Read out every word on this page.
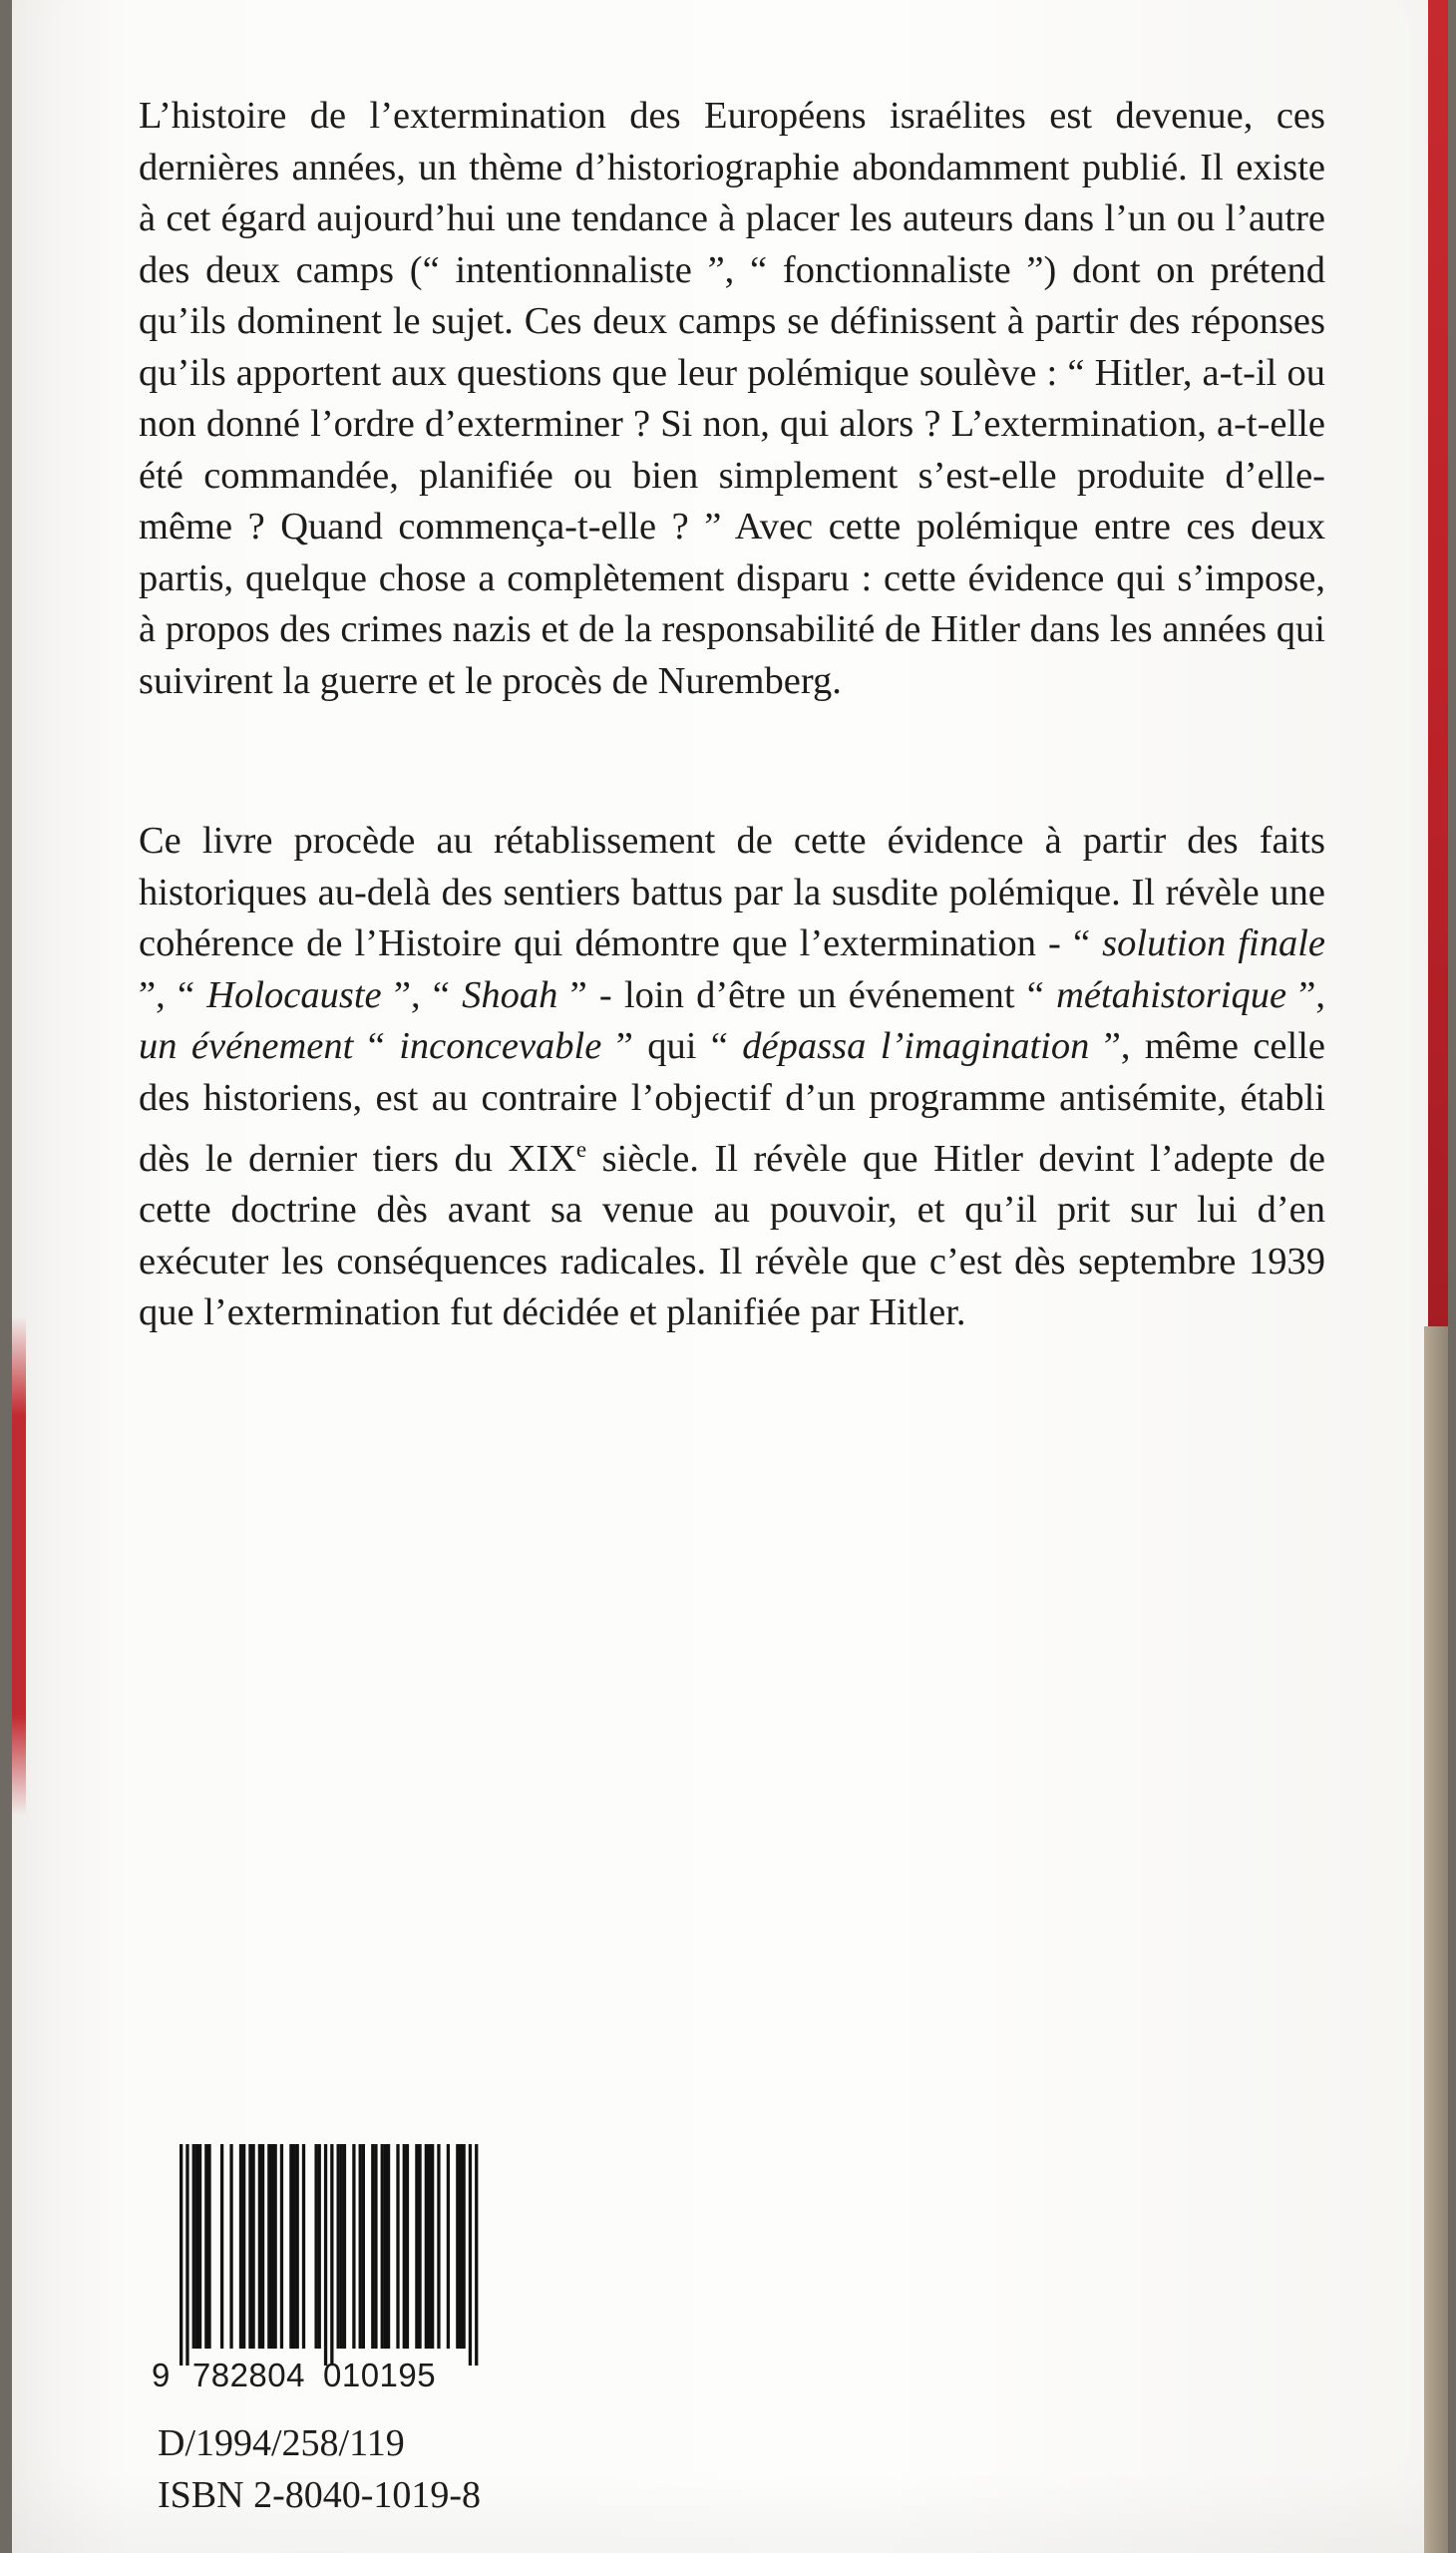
L’histoire de l’extermination des Européens israélites est devenue, ces dernières années, un thème d’historiographie abondamment publié. Il existe à cet égard aujourd’hui une tendance à placer les auteurs dans l’un ou l’autre des deux camps (“ intentionnaliste ”, “ fonctionnaliste ”) dont on prétend qu’ils dominent le sujet. Ces deux camps se définissent à partir des réponses qu’ils apportent aux questions que leur polémique soulève : “ Hitler, a-t-il ou non donné l’ordre d’exterminer ? Si non, qui alors ? L’extermination, a-t-elle été commandée, planifiée ou bien simplement s’est-elle produite d’elle-même ? Quand commença-t-elle ? ” Avec cette polémique entre ces deux partis, quelque chose a complètement disparu : cette évidence qui s’impose, à propos des crimes nazis et de la responsabilité de Hitler dans les années qui suivirent la guerre et le procès de Nuremberg.

Ce livre procède au rétablissement de cette évidence à partir des faits historiques au-delà des sentiers battus par la susdite polémique. Il révèle une cohérence de l’Histoire qui démontre que l’extermination - “ solution finale ”, “ Holocauste ”, “ Shoah ” - loin d’être un événement “ métahistorique ”, un événement “ inconcevable ” qui “ dépassa l’imagination ”, même celle des historiens, est au contraire l’objectif d’un programme antisémite, établi dès le dernier tiers du XIXe siècle. Il révèle que Hitler devint l’adepte de cette doctrine dès avant sa venue au pouvoir, et qu’il prit sur lui d’en exécuter les conséquences radicales. Il révèle que c’est dès septembre 1939 que l’extermination fut décidée et planifiée par Hitler.

9 782804 010195
D/1994/258/119
ISBN 2-8040-1019-8
